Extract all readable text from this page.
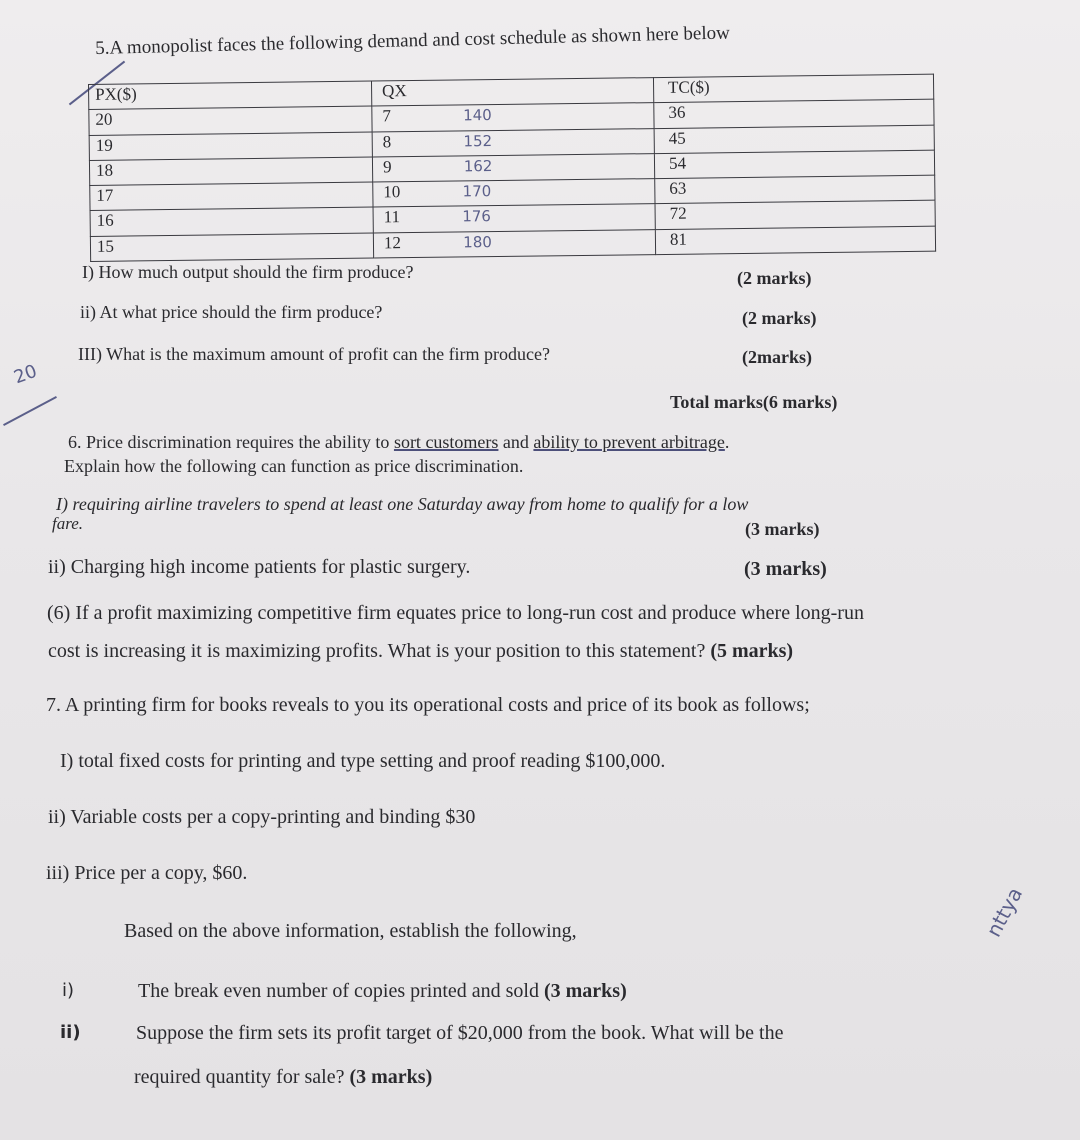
5.A monopolist faces the following demand and cost schedule as shown here below
PX($)	QX	TC($)
20	7 140	36
19	8 152	45
18	9 162	54
17	10 170	63
16	11 176	72
15	12 180	81
I) How much output should the firm produce?	(2 marks)
ii) At what price should the firm produce?	(2 marks)
III) What is the maximum amount of profit can the firm produce?	(2marks)
20
Total marks(6 marks)
6. Price discrimination requires the ability to sort customers and ability to prevent arbitrage.
Explain how the following can function as price discrimination.
I) requiring airline travelers to spend at least one Saturday away from home to qualify for a low
fare.	(3 marks)
ii) Charging high income patients for plastic surgery.	(3 marks)
(6) If a profit maximizing competitive firm equates price to long-run cost and produce where long-run
cost is increasing it is maximizing profits. What is your position to this statement? (5 marks)
7. A printing firm for books reveals to you its operational costs and price of its book as follows;
I) total fixed costs for printing and type setting and proof reading $100,000.
ii) Variable costs per a copy-printing and binding $30
iii) Price per a copy, $60.
Based on the above information, establish the following,
i)	The break even number of copies printed and sold (3 marks)
ii)	Suppose the firm sets its profit target of $20,000 from the book. What will be the
required quantity for sale? (3 marks)
nttya
